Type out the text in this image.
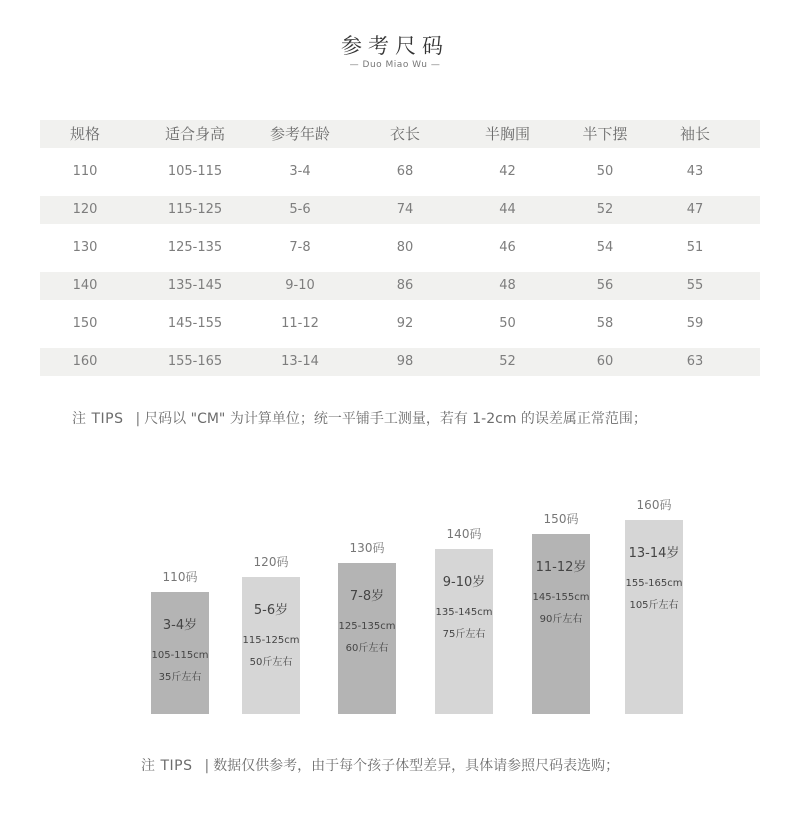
参考尺码
— Duo Miao Wu —
规格	适合身高	参考年龄	衣长	半胸围	半下摆	袖长
110	105-115	3-4	68	42	50	43
120	115-125	5-6	74	44	52	47
130	125-135	7-8	80	46	54	51
140	135-145	9-10	86	48	56	55
150	145-155	11-12	92	50	58	59
160	155-165	13-14	98	52	60	63
注 TIPS | 尺码以 "CM" 为计算单位；统一平铺手工测量，若有 1-2cm 的误差属正常范围；
110码
3-4岁
105-115cm
35斤左右
120码
5-6岁
115-125cm
50斤左右
130码
7-8岁
125-135cm
60斤左右
140码
9-10岁
135-145cm
75斤左右
150码
11-12岁
145-155cm
90斤左右
160码
13-14岁
155-165cm
105斤左右
注 TIPS | 数据仅供参考，由于每个孩子体型差异，具体请参照尺码表选购；
